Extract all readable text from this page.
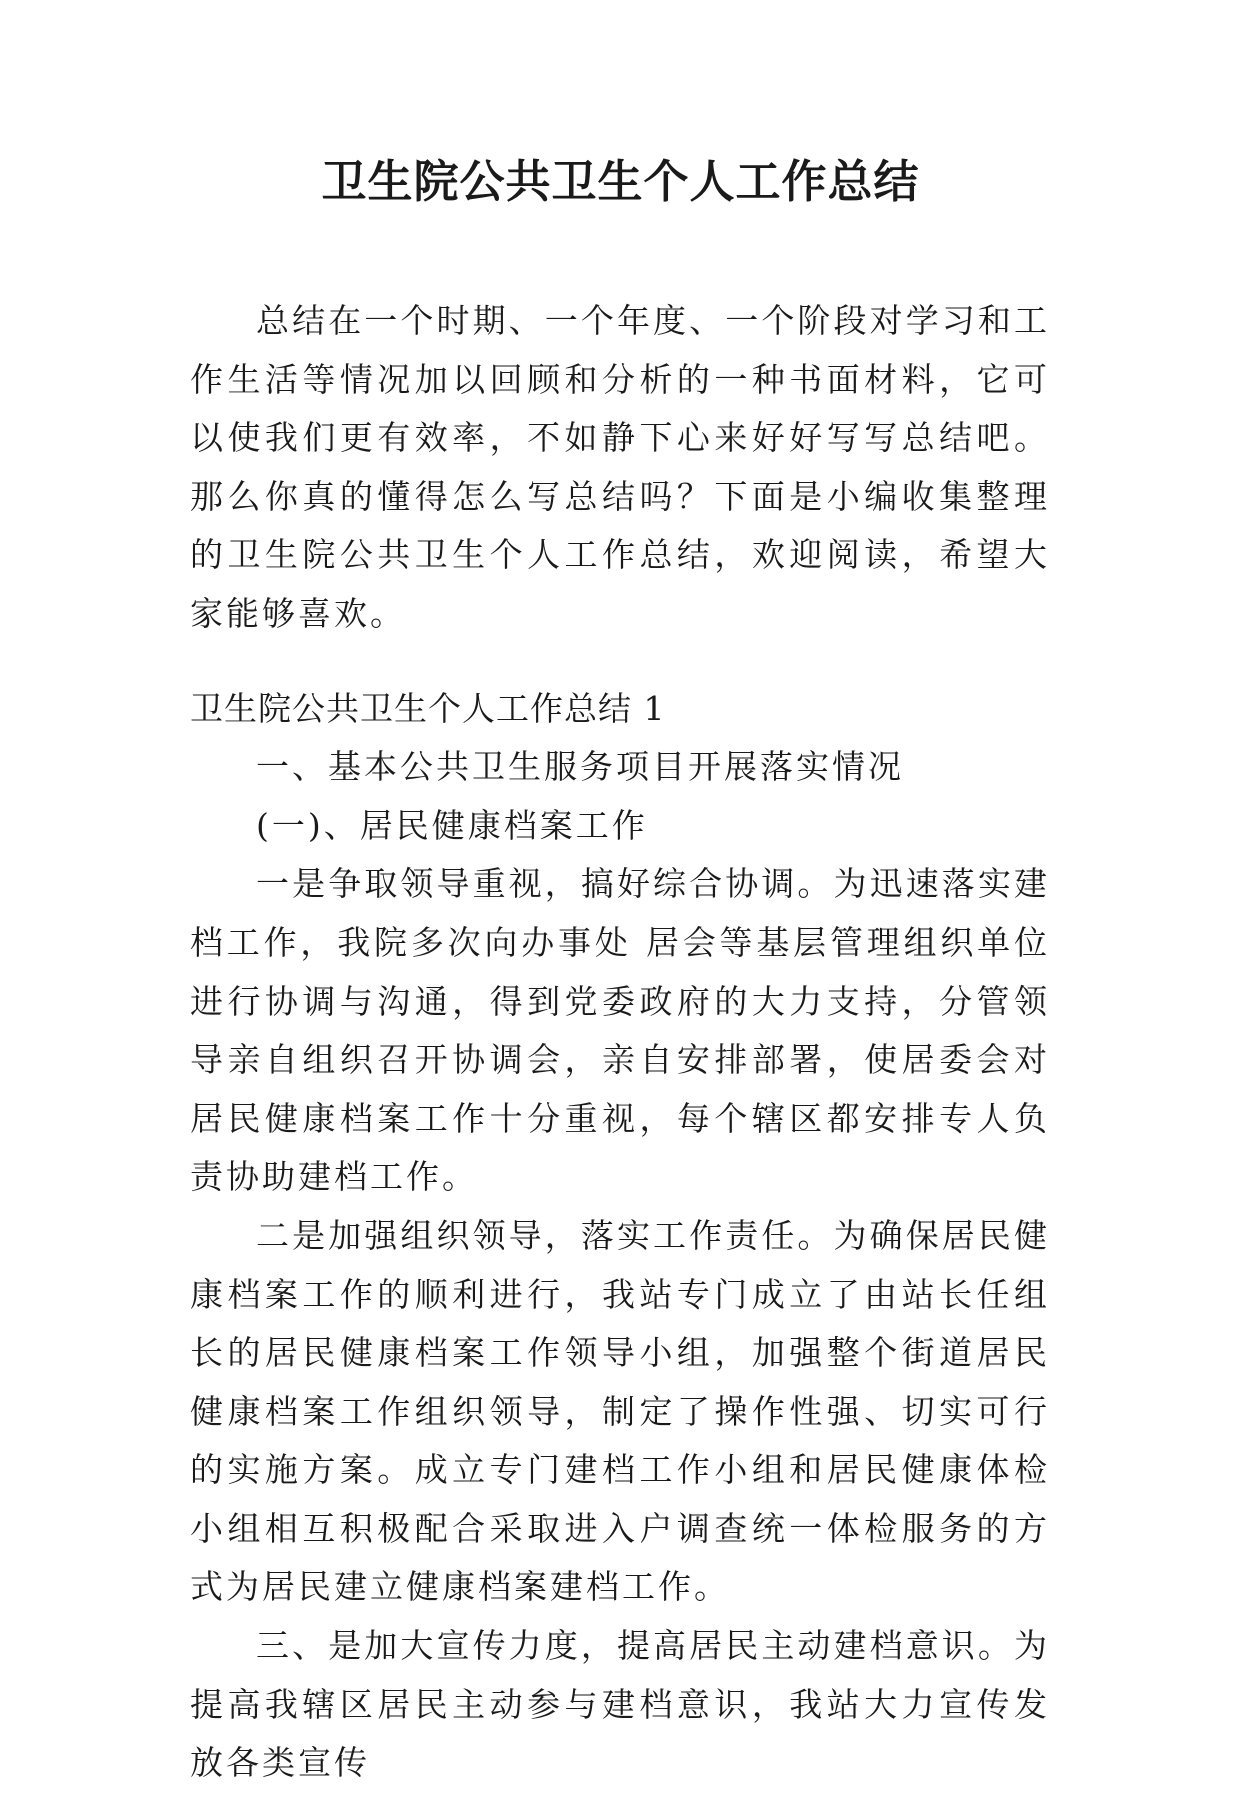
卫生院公共卫生个人工作总结

总结在一个时期、一个年度、一个阶段对学习和工作生活等情况加以回顾和分析的一种书面材料，它可以使我们更有效率，不如静下心来好好写写总结吧。那么你真的懂得怎么写总结吗？下面是小编收集整理的卫生院公共卫生个人工作总结，欢迎阅读，希望大家能够喜欢。

卫生院公共卫生个人工作总结 1

一、基本公共卫生服务项目开展落实情况

(一)、居民健康档案工作

一是争取领导重视，搞好综合协调。为迅速落实建档工作，我院多次向办事处 居会等基层管理组织单位进行协调与沟通，得到党委政府的大力支持，分管领导亲自组织召开协调会，亲自安排部署，使居委会对居民健康档案工作十分重视，每个辖区都安排专人负责协助建档工作。

二是加强组织领导，落实工作责任。为确保居民健康档案工作的顺利进行，我站专门成立了由站长任组长的居民健康档案工作领导小组，加强整个街道居民健康档案工作组织领导，制定了操作性强、切实可行的实施方案。成立专门建档工作小组和居民健康体检小组相互积极配合采取进入户调查统一体检服务的方式为居民建立健康档案建档工作。

三、是加大宣传力度，提高居民主动建档意识。为提高我辖区居民主动参与建档意识，我站大力宣传发放各类宣传
